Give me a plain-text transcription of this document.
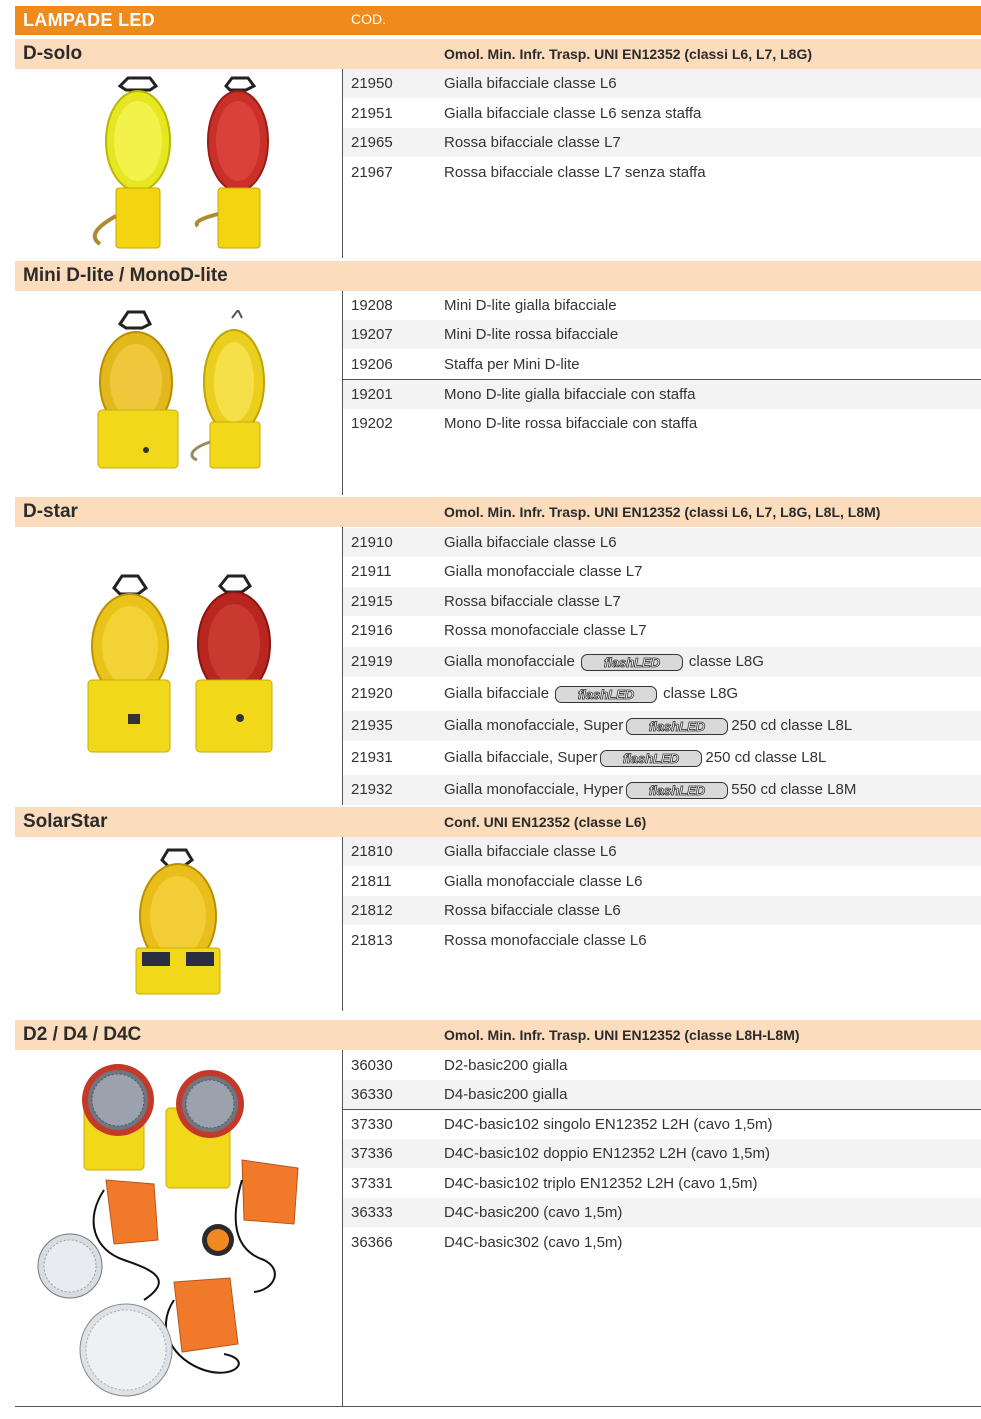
LAMPADE LED	COD.
D-solo	Omol. Min. Infr. Trasp. UNI EN12352 (classi L6, L7, L8G)
21950	Gialla bifacciale classe L6
21951	Gialla bifacciale classe L6 senza staffa
21965	Rossa bifacciale classe L7
21967	Rossa bifacciale classe L7 senza staffa
Mini D-lite / MonoD-lite
19208	Mini D-lite gialla bifacciale
19207	Mini D-lite rossa bifacciale
19206	Staffa per Mini D-lite
19201	Mono D-lite gialla bifacciale con staffa
19202	Mono D-lite rossa bifacciale con staffa
D-star	Omol. Min. Infr. Trasp. UNI EN12352 (classi L6, L7, L8G, L8L, L8M)
21910	Gialla bifacciale classe L6
21911	Gialla monofacciale classe L7
21915	Rossa bifacciale classe L7
21916	Rossa monofacciale classe L7
21919	Gialla monofacciale flashLED classe L8G
21920	Gialla bifacciale flashLED classe L8G
21935	Gialla monofacciale, Super flashLED 250 cd classe L8L
21931	Gialla bifacciale, Super flashLED 250 cd classe L8L
21932	Gialla monofacciale, Hyper flashLED 550 cd classe L8M
SolarStar	Conf. UNI EN12352 (classe L6)
21810	Gialla bifacciale classe L6
21811	Gialla monofacciale classe L6
21812	Rossa bifacciale classe L6
21813	Rossa monofacciale classe L6
D2 / D4 / D4C	Omol. Min. Infr. Trasp. UNI EN12352 (classe L8H-L8M)
36030	D2-basic200 gialla
36330	D4-basic200 gialla
37330	D4C-basic102 singolo EN12352 L2H (cavo 1,5m)
37336	D4C-basic102 doppio EN12352 L2H (cavo 1,5m)
37331	D4C-basic102 triplo EN12352 L2H (cavo 1,5m)
36333	D4C-basic200 (cavo 1,5m)
36366	D4C-basic302 (cavo 1,5m)
